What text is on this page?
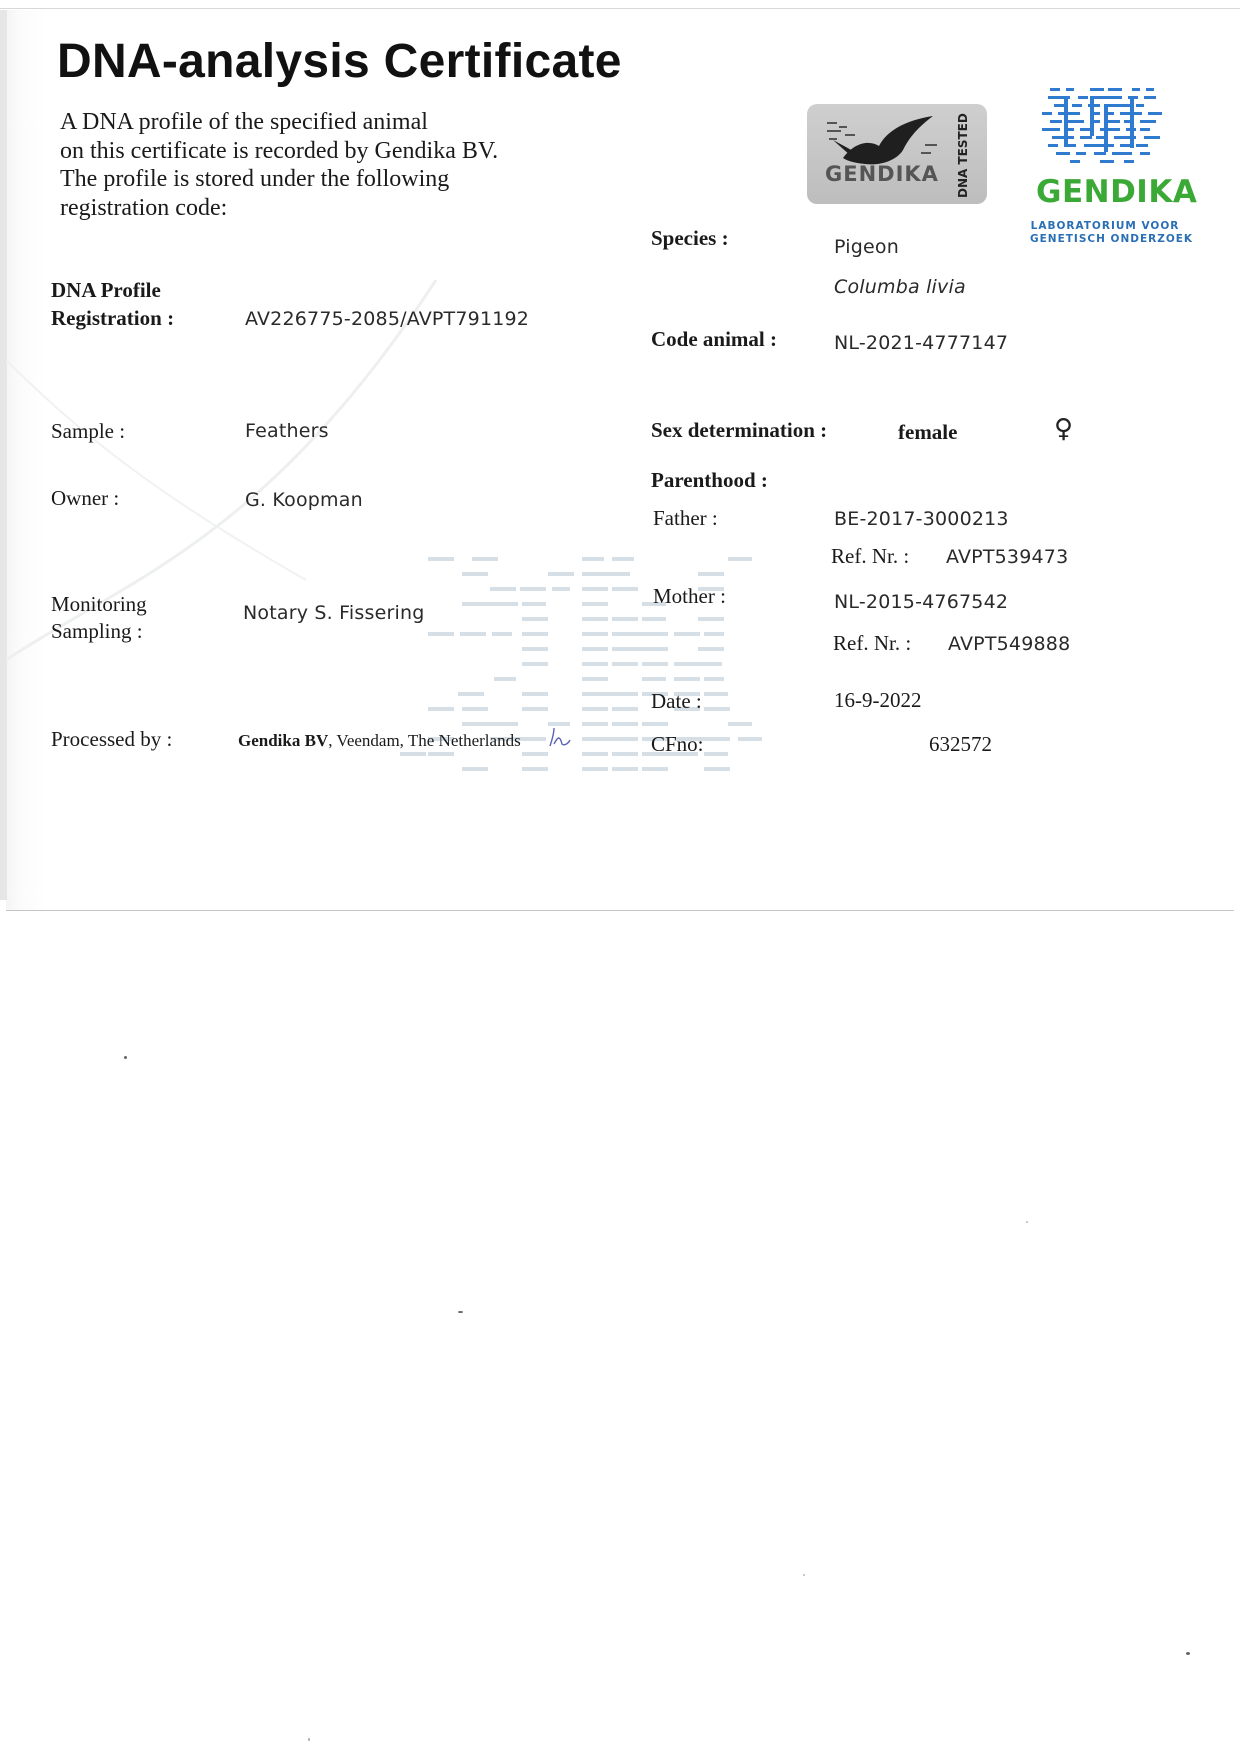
DNA-analysis Certificate
A DNA profile of the specified animal
on this certificate is recorded by Gendika BV.
The profile is stored under the following
registration code:
GENDIKA DNA TESTED GENDIKA
LABORATORIUM VOOR
GENETISCH ONDERZOEK
DNA Profile
Registration :	AV226775-2085/AVPT791192
Sample :	Feathers
Owner :	G. Koopman
Monitoring
Sampling :
Notary S. Fissering
Processed by :	Gendika BV, Veendam, The Netherlands
Species :	Pigeon
Columba livia
Code animal :	NL-2021-4777147
Sex determination :	female	♀
Parenthood :
Father :	BE-2017-3000213
Ref. Nr. : AVPT539473
Mother :	NL-2015-4767542
Ref. Nr. : AVPT549888
Date :	16-9-2022
CFno:	632572
